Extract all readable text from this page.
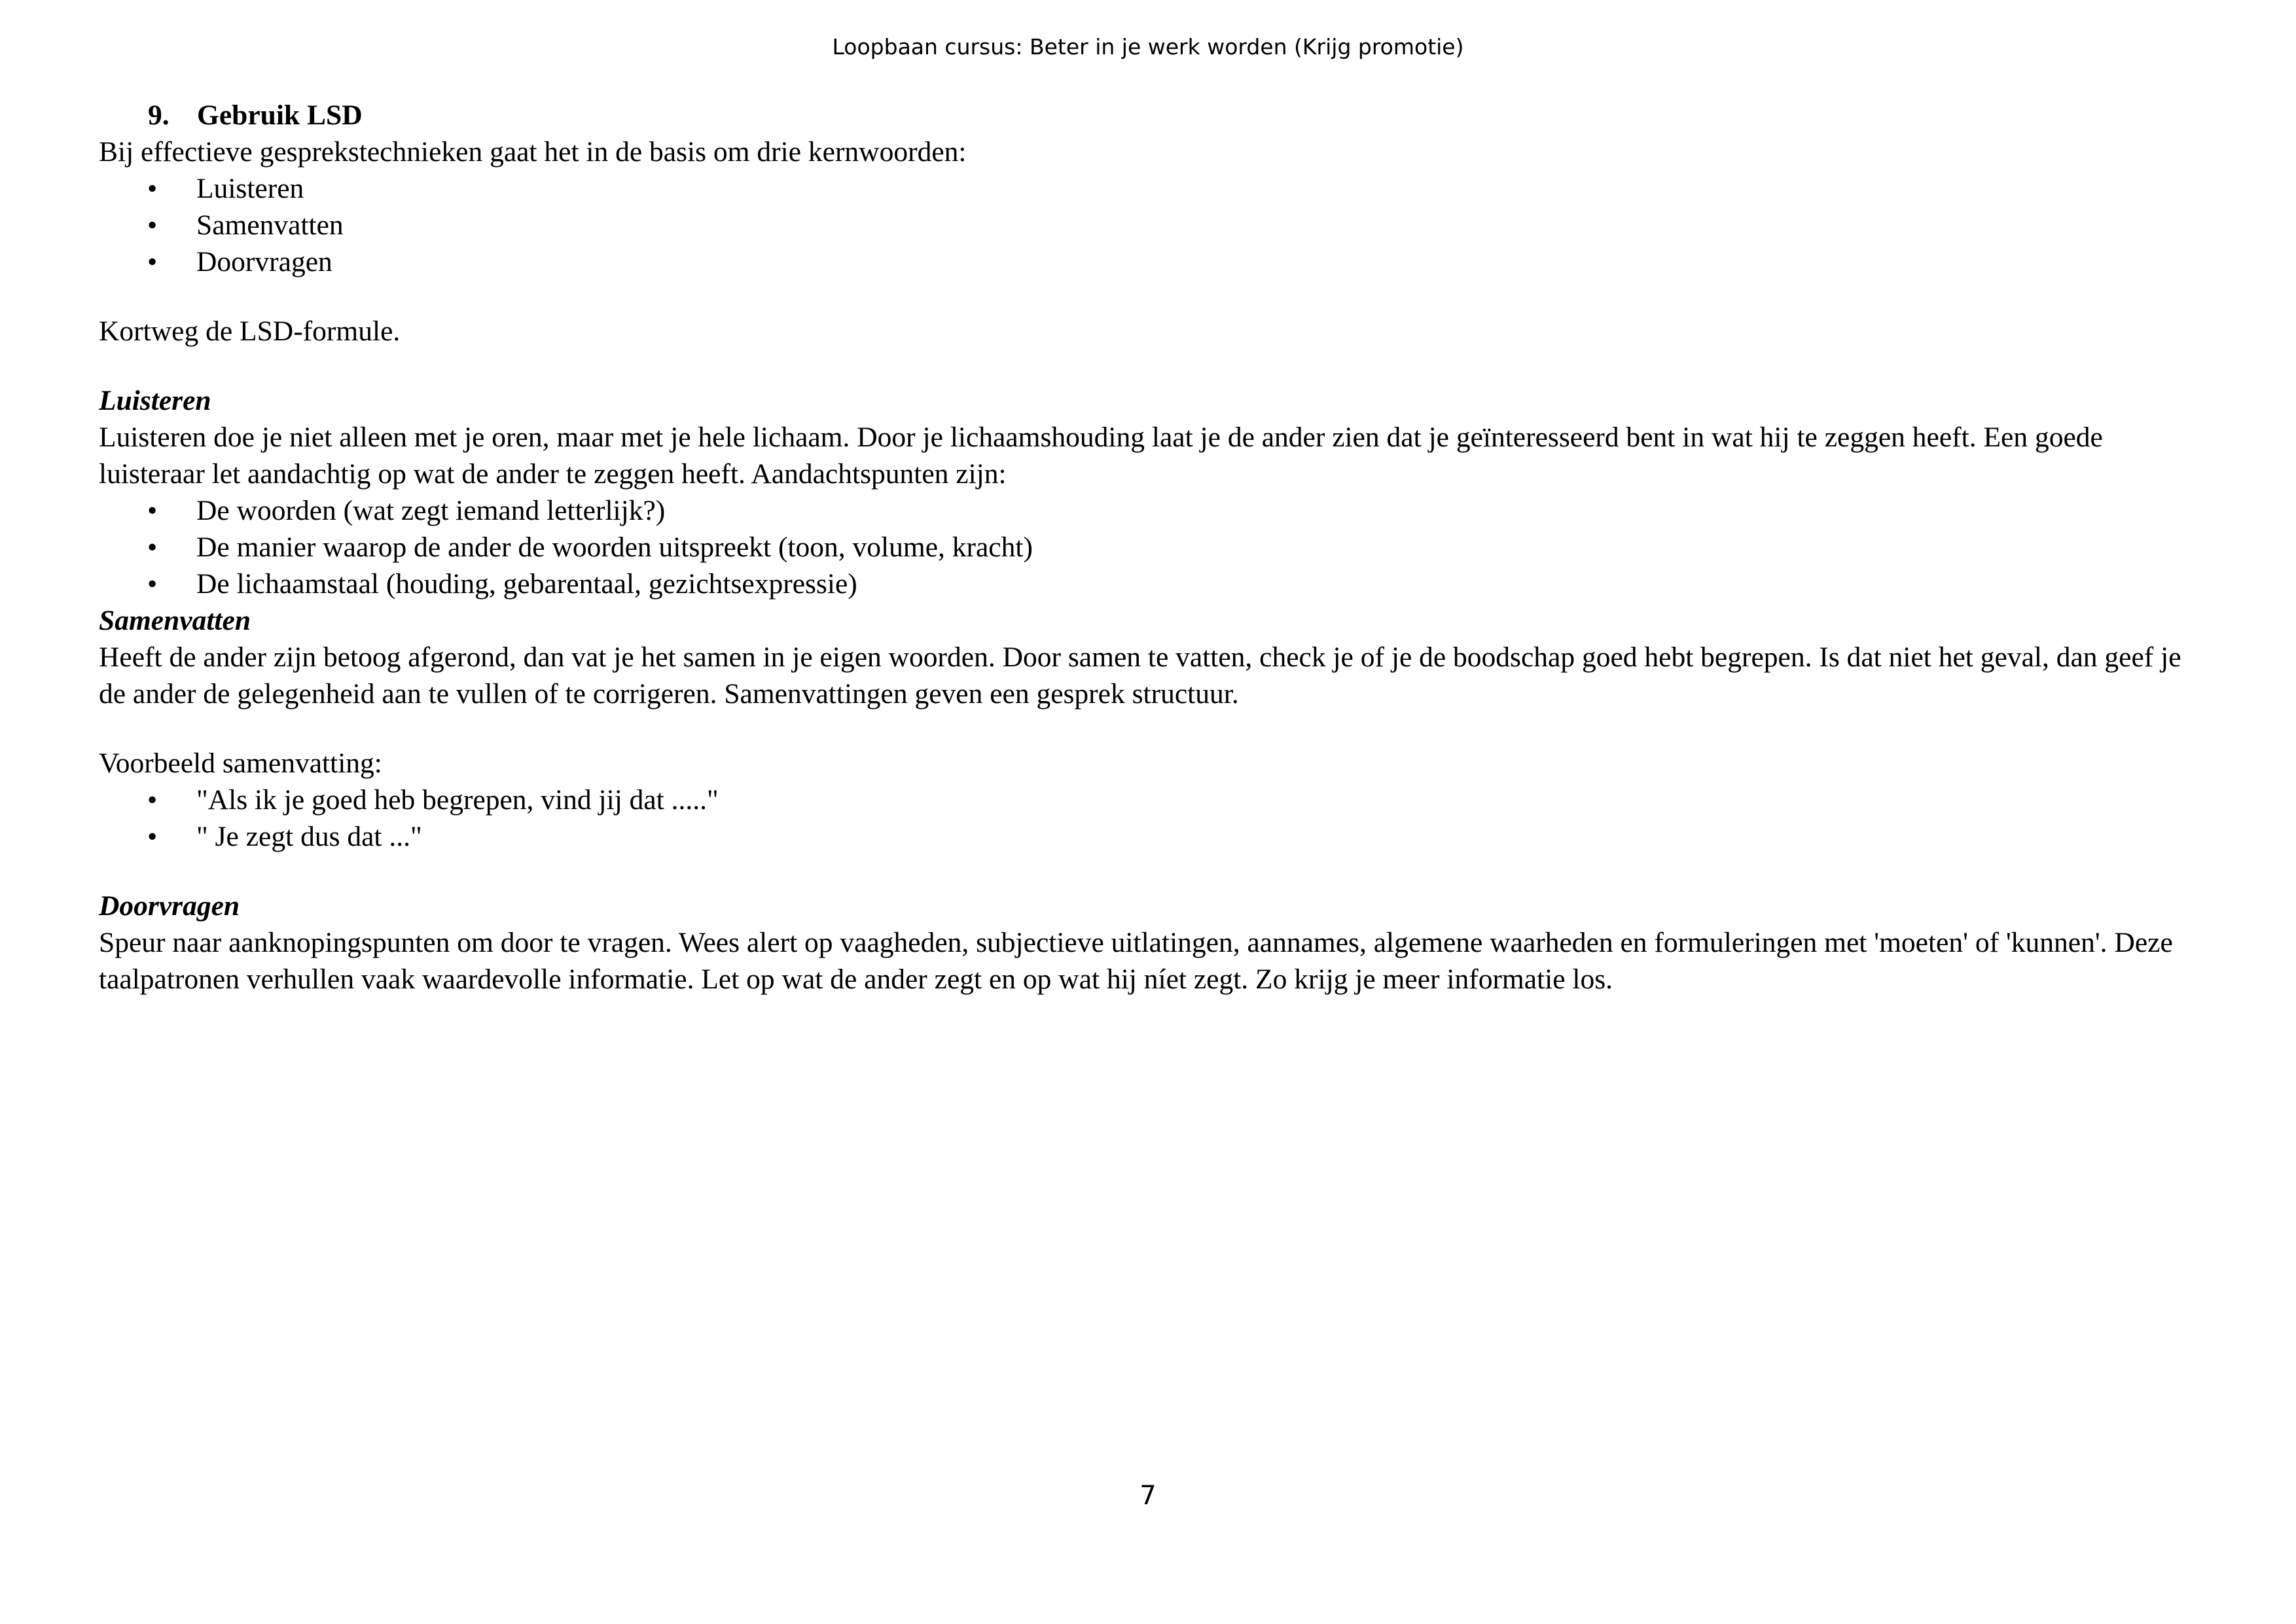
Loopbaan cursus: Beter in je werk worden (Krijg promotie)
9. Gebruik LSD

Bij effectieve gesprekstechnieken gaat het in de basis om drie kernwoorden:

• Luisteren
• Samenvatten
• Doorvragen

Kortweg de LSD-formule.

Luisteren

Luisteren doe je niet alleen met je oren, maar met je hele lichaam. Door je lichaamshouding laat je de ander zien dat je geïnteresseerd bent in wat hij te zeggen heeft. Een goede luisteraar let aandachtig op wat de ander te zeggen heeft. Aandachtspunten zijn:

• De woorden (wat zegt iemand letterlijk?)
• De manier waarop de ander de woorden uitspreekt (toon, volume, kracht)
• De lichaamstaal (houding, gebarentaal, gezichtsexpressie)

Samenvatten

Heeft de ander zijn betoog afgerond, dan vat je het samen in je eigen woorden. Door samen te vatten, check je of je de boodschap goed hebt begrepen. Is dat niet het geval, dan geef je de ander de gelegenheid aan te vullen of te corrigeren. Samenvattingen geven een gesprek structuur.

Voorbeeld samenvatting:

• "Als ik je goed heb begrepen, vind jij dat ....."
• " Je zegt dus dat ..."

Doorvragen

Speur naar aanknopingspunten om door te vragen. Wees alert op vaagheden, subjectieve uitlatingen, aannames, algemene waarheden en formuleringen met 'moeten' of 'kunnen'. Deze taalpatronen verhullen vaak waardevolle informatie. Let op wat de ander zegt en op wat hij níet zegt. Zo krijg je meer informatie los.

7
